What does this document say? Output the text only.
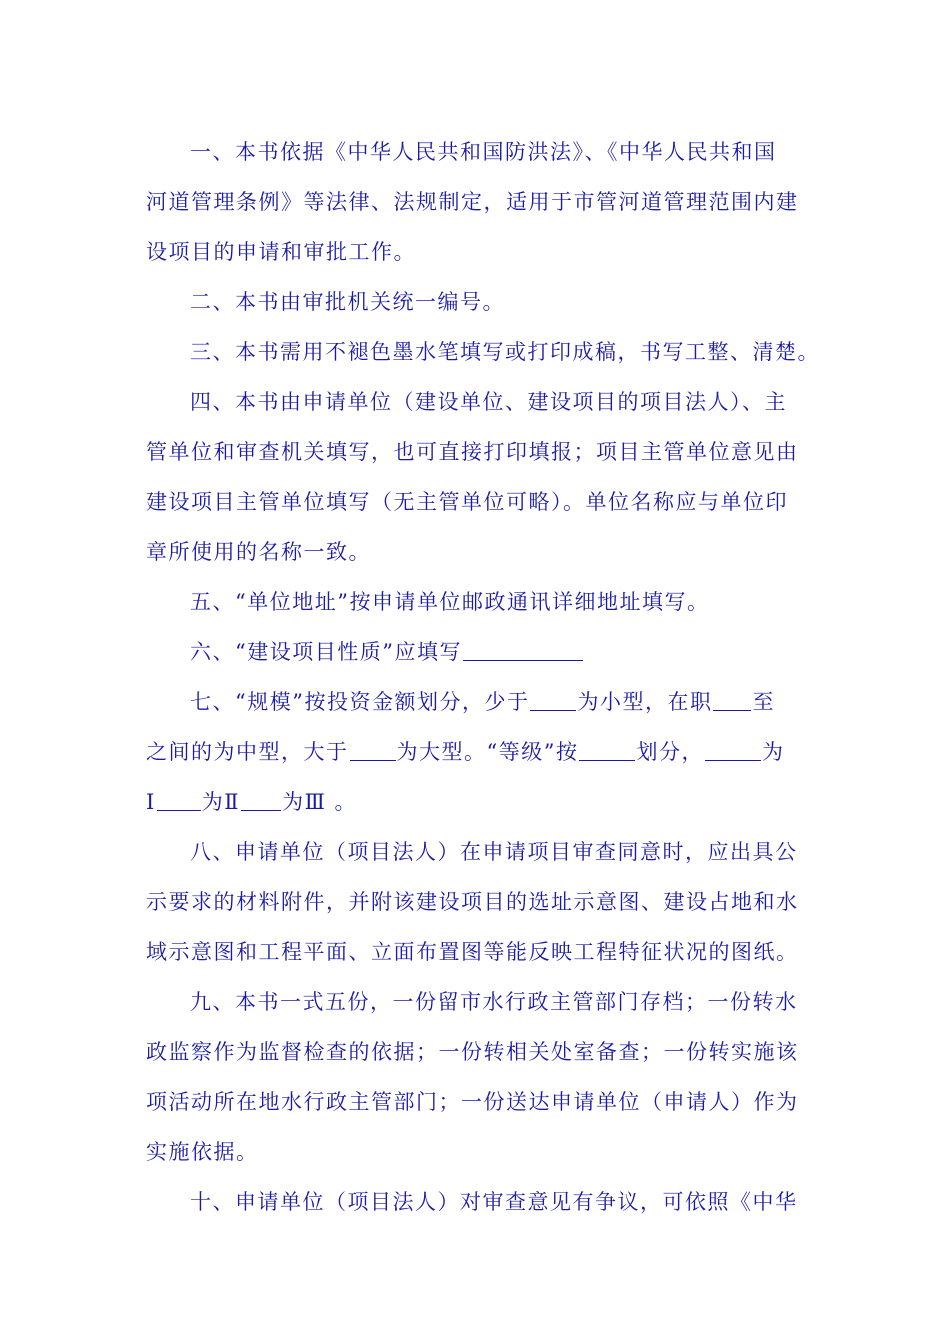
一、本书依据《中华人民共和国防洪法》、《中华人民共和国
河道管理条例》等法律、法规制定，适用于市管河道管理范围内建
设项目的申请和审批工作。
二、本书由审批机关统一编号。
三、本书需用不褪色墨水笔填写或打印成稿，书写工整、清楚。
四、本书由申请单位（建设单位、建设项目的项目法人）、主
管单位和审查机关填写，也可直接打印填报；项目主管单位意见由
建设项目主管单位填写（无主管单位可略）。单位名称应与单位印
章所使用的名称一致。
五、“单位地址”按申请单位邮政通讯详细地址填写。
六、“建设项目性质”应填写
七、“规模”按投资金额划分，少于 为小型，在职 至
之间的为中型，大于 为大型。“等级”按	划分，	为
Ⅰ 为Ⅱ 为Ⅲ 。
八、申请单位（项目法人）在申请项目审查同意时，应出具公
示要求的材料附件，并附该建设项目的选址示意图、建设占地和水
域示意图和工程平面、立面布置图等能反映工程特征状况的图纸。
九、本书一式五份，一份留市水行政主管部门存档；一份转水
政监察作为监督检查的依据；一份转相关处室备查；一份转实施该
项活动所在地水行政主管部门；一份送达申请单位（申请人）作为
实施依据。
十、申请单位（项目法人）对审查意见有争议，可依照《中华
